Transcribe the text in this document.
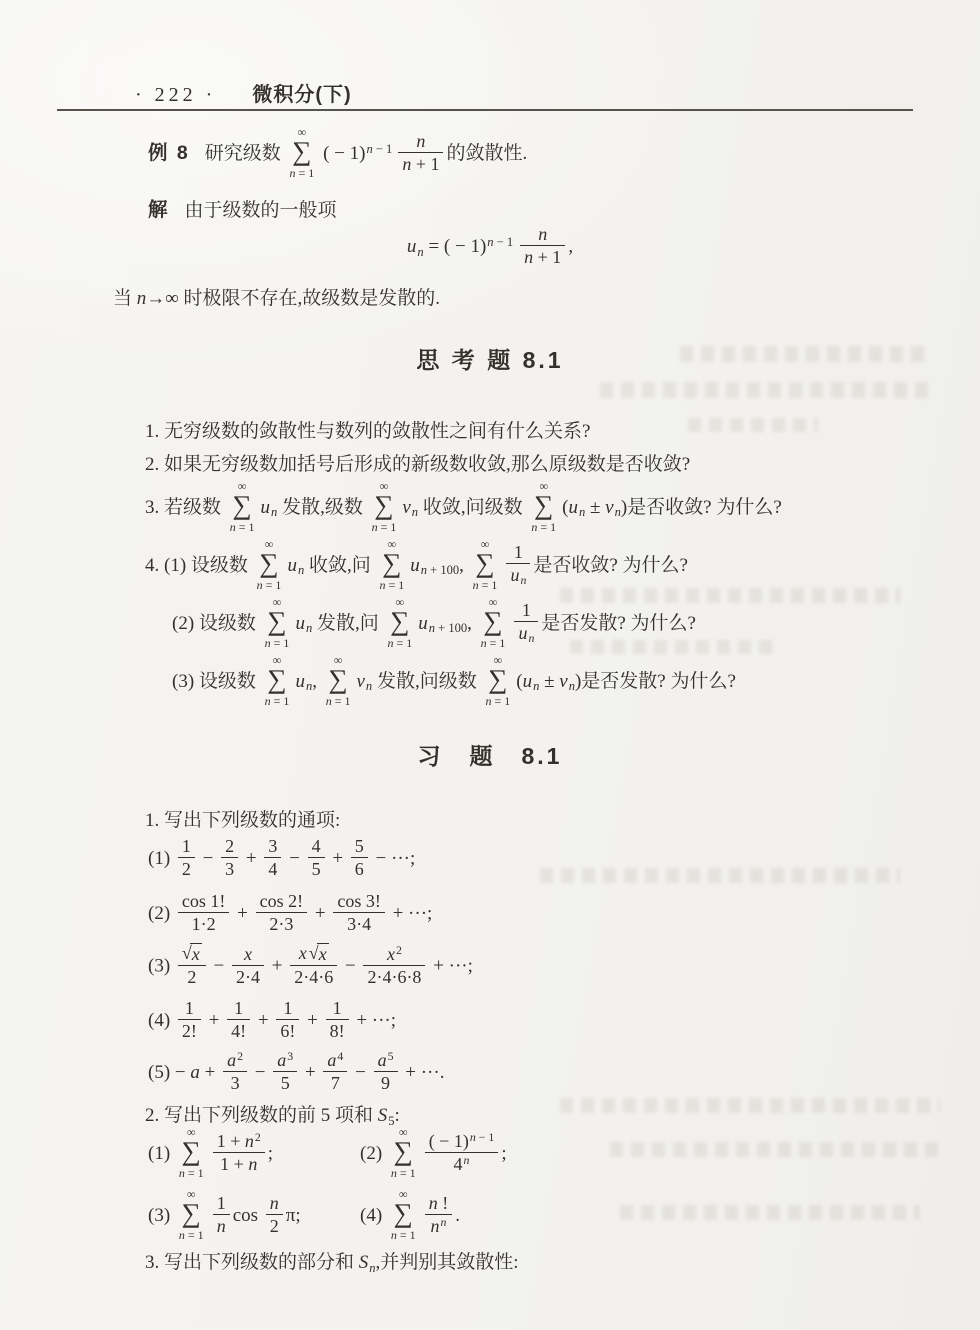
· 222 · 微积分(下)
例 8 研究级数
∞
∑
n = 1
( − $1)^{n - 1} \frac{n}{n + 1}$ 的敛散性.
解 由于级数的一般项
un = ( − $1)^{n - 1} \frac{n}{n + 1}$ ,
当 n→∞ 时极限不存在,故级数是发散的.
思 考 题 8.1
1. 无穷级数的敛散性与数列的敛散性之间有什么关系?
2. 如果无穷级数加括号后形成的新级数收敛,那么原级数是否收敛?
3. 若级数
∞
∑
n = 1
un 发散,级数
∞
∑
n = 1
vn 收敛,问级数
∞
∑
n = 1
(un ± vn)是否收敛? 为什么?
4. (1) 设级数
∞
∑
n = 1
un 收敛,问
∞
∑
n = 1
un + 100,
∞
∑
$n = 1 \frac{1}{un}$ 是否收敛? 为什么?
(2) 设级数
∞
∑
n = 1
un 发散,问
∞
∑
n = 1
un + 100,
∞
∑
$n = 1 \frac{1}{un}$ 是否发散? 为什么?
(3) 设级数
∞
∑
n = 1
un,
∞
∑
n = 1
vn 发散,问级数
∞
∑
n = 1
(un ± vn)是否发散? 为什么?
习　题　8.1
1. 写出下列级数的通项:
$(1) \frac{1}{2} - \frac{2}{3} + \frac{3}{4} - \frac{4}{5} + \frac{5}{6}$ − ···;
$(2) \frac{\cos 1!}{1\cdot 2} + \frac{\cos 2!}{2\cdot 3} + \frac{\cos 3!}{3\cdot 4}$ + ···;
$(3) \frac{√ x}{2} - \frac{x}{2\cdot 4} + \frac{x √ x}{2\cdot 4\cdot 6} - \frac{x^2}{2\cdot 4\cdot 6\cdot 8}$ + ···;
$(4) \frac{1}{2!} + \frac{1}{4!} + \frac{1}{6!} + \frac{1}{8!}$ + ···;
$(5) - a + \frac{a^2}{3} - \frac{a^3}{5} + \frac{a^4}{7} - \frac{a^5}{9}$ + ···.
2. 写出下列级数的前 5 项和 S5:
(1)
∞
∑
$n = 1 \frac{1 + n^2}{1 + n}$ ;	(2)
∞
∑
$n = 1 \frac{( - 1)^{n - 1}}{4^n}$ ;
(3)
∞
∑
$n = 1 \frac{1}{n}$ $\cos \frac{n}{2} \pi$;	(4)
∞
∑
$n = 1 \frac{n !}{n^n}$ .
3. 写出下列级数的部分和 Sn,并判别其敛散性:
